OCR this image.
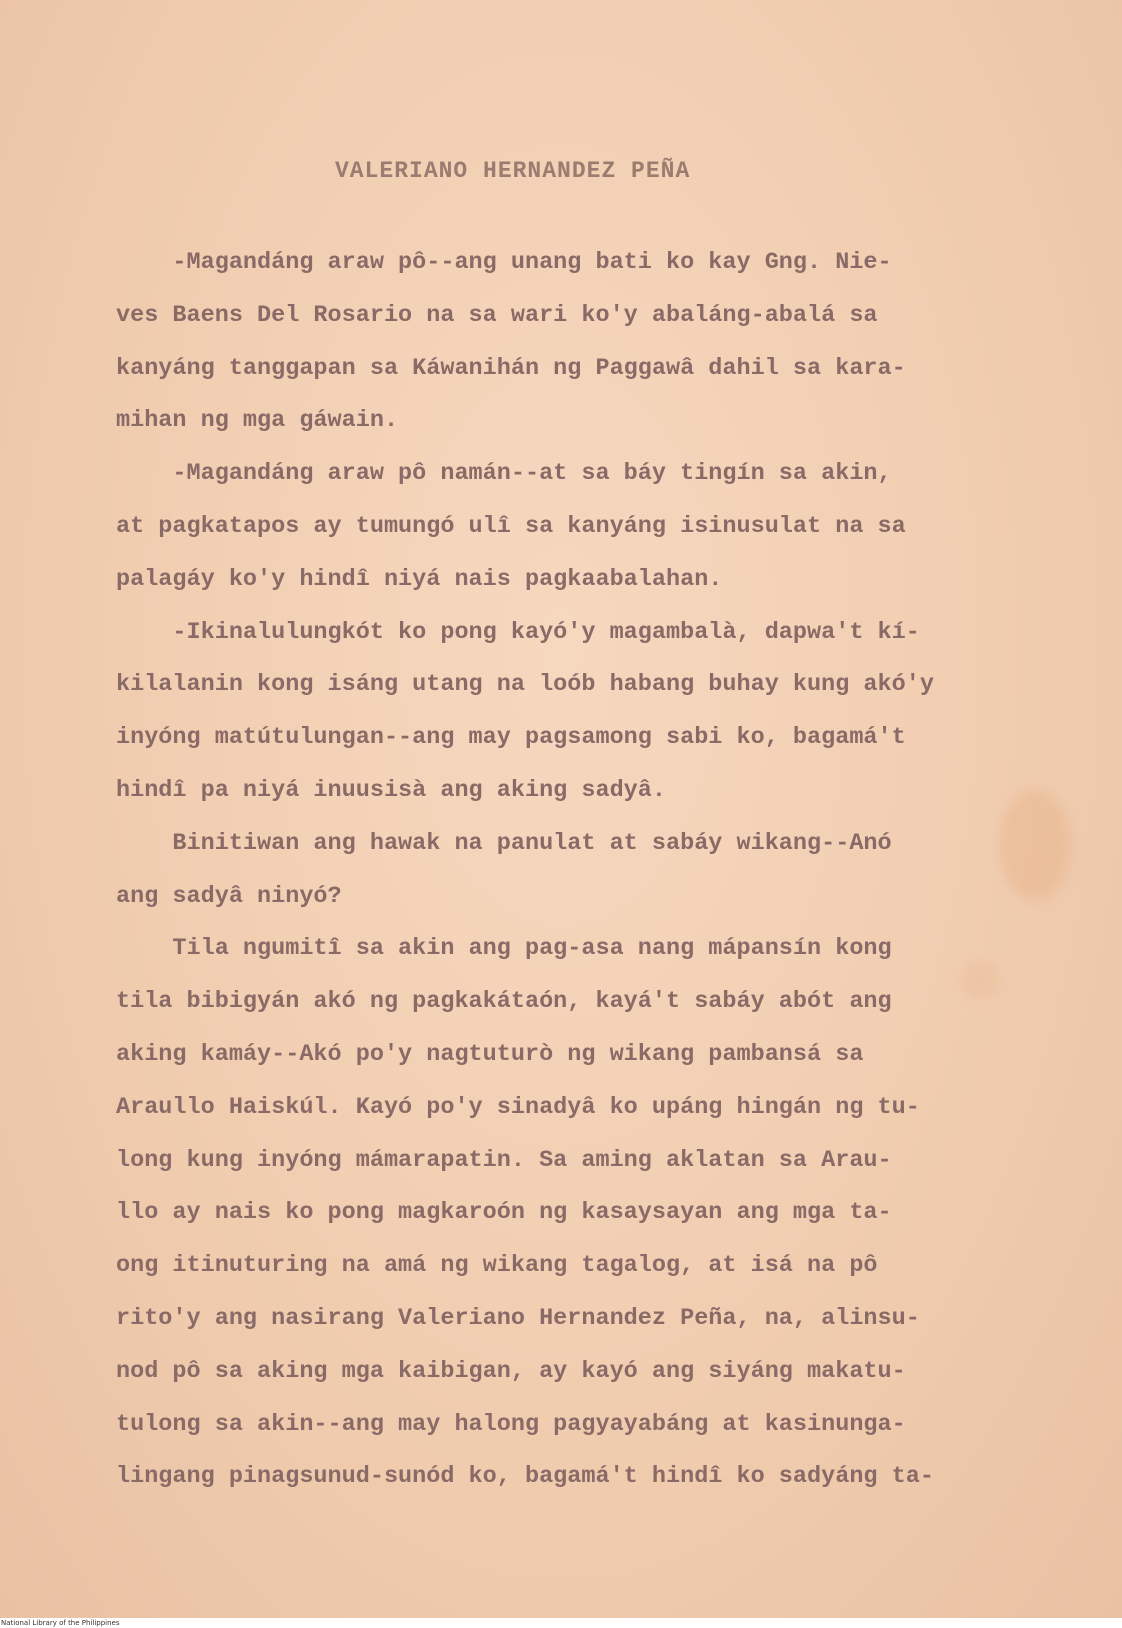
VALERIANO HERNANDEZ PEÑA
-Magandáng araw pô--ang unang bati ko kay Gng. Nie-
ves Baens Del Rosario na sa wari ko'y abaláng-abalá sa
kanyáng tanggapan sa Káwanihán ng Paggawâ dahil sa kara-
mihan ng mga gáwain.
-Magandáng araw pô namán--at sa báy tingín sa akin,
at pagkatapos ay tumungó ulî sa kanyáng isinusulat na sa
palagáy ko'y hindî niyá nais pagkaabalahan.
-Ikinalulungkót ko pong kayó'y magambalà, dapwa't kí-
kilalanin kong isáng utang na loób habang buhay kung akó'y
inyóng matútulungan--ang may pagsamong sabi ko, bagamá't
hindî pa niyá inuusisà ang aking sadyâ.
Binitiwan ang hawak na panulat at sabáy wikang--Anó
ang sadyâ ninyó?
Tila ngumitî sa akin ang pag-asa nang mápansín kong
tila bibigyán akó ng pagkakátaón, kayá't sabáy abót ang
aking kamáy--Akó po'y nagtuturò ng wikang pambansá sa
Araullo Haiskúl. Kayó po'y sinadyâ ko upáng hingán ng tu-
long kung inyóng mámarapatin. Sa aming aklatan sa Arau-
llo ay nais ko pong magkaroón ng kasaysayan ang mga ta-
ong itinuturing na amá ng wikang tagalog, at isá na pô
rito'y ang nasirang Valeriano Hernandez Peña, na, alinsu-
nod pô sa aking mga kaibigan, ay kayó ang siyáng makatu-
tulong sa akin--ang may halong pagyayabáng at kasinunga-
lingang pinagsunud-sunód ko, bagamá't hindî ko sadyáng ta-
National Library of the Philippines
